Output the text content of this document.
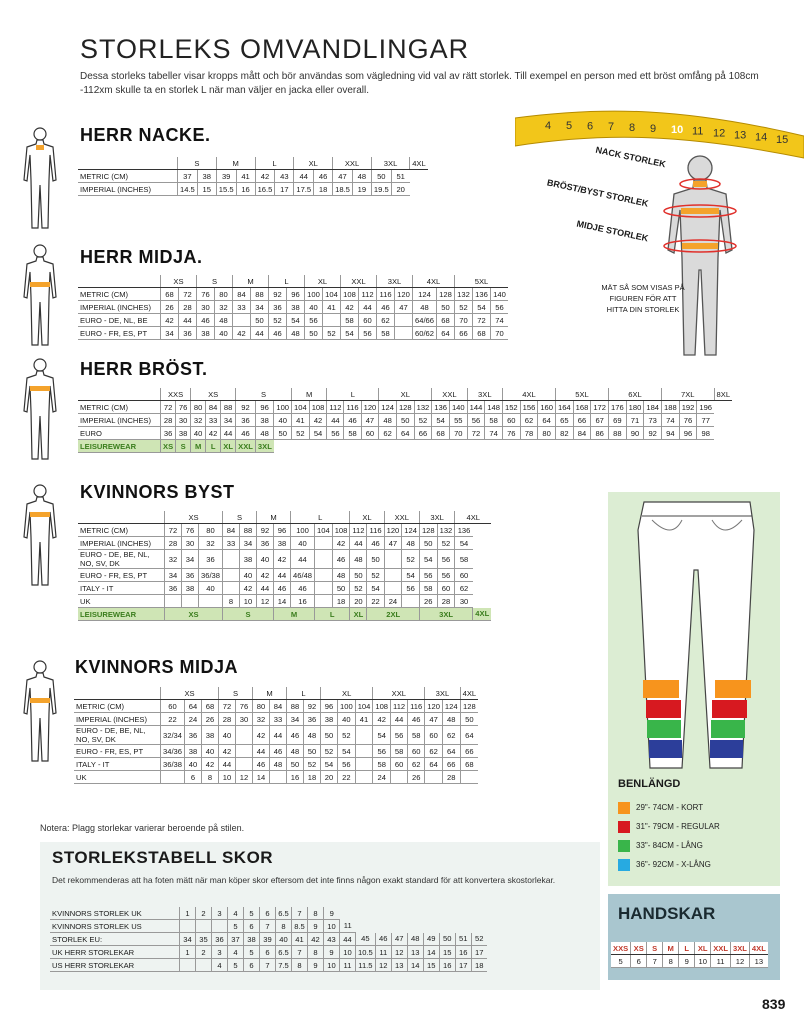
STORLEKS OMVANDLINGAR
Dessa storleks tabeller visar kropps mått och bör användas som vägledning vid val av rätt storlek. Till exempel en person med ett bröst omfång på 108cm -112xm skulle ta en storlek L när man väljer en jacka eller overall.
4 5 6 7 8 9 10 11 12 13 14 15
NACK STORLEK
BRÖST/BYST STORLEK
MIDJE STORLEK
MÄT SÅ SOM VISAS PÅ FIGUREN FÖR ATT HITTA DIN STORLEK
HERR NACKE.
HERR MIDJA.
HERR BRÖST.
KVINNORS BYST
KVINNORS MIDJA
	S		M		L		XL		XXL		3XL		4XL
METRIC (CM)	37	38	39	41	42	43	44	46	47	48	50	51	
IMPERIAL (INCHES)	14.5	15	15.5	16	16.5	17	17.5	18	18.5	19	19.5	20	
	XS		S		M		L		XL		XXL		3XL		4XL		5XL		
METRIC (CM)	68	72	76	80	84	88	92	96	100	104	108	112	116	120	124	128	132	136	140
IMPERIAL (INCHES)	26	28	30	32	33	34	36	38	40	41	42	44	46	47	48	50	52	54	56
EURO - DE, NL, BE	42	44	46	48		50	52	54	56		58	60	62		64/66	68	70	72	74
EURO - FR, ES, PT	34	36	38	40	42	44	46	48	50	52	54	56	58		60/62	64	66	68	70
	XXS		XS			S			M		L			XL			XXL		3XL		4XL			5XL			6XL			7XL			8XL
METRIC (CM)	72	76	80	84	88	92	96	100	104	108	112	116	120	124	128	132	136	140	144	148	152	156	160	164	168	172	176	180	184	188	192	196	
IMPERIAL (INCHES)	28	30	32	33	34	36	38	40	41	42	44	46	47	48	50	52	54	55	56	58	60	62	64	65	66	67	69	71	73	74	76	77	
EURO	36	38	40	42	44	46	48	50	52	54	56	58	60	62	64	66	68	70	72	74	76	78	80	82	84	86	88	90	92	94	96	98	
LEISUREWEAR	XS	S	M	L	XL	XXL	3XL																										
	XS			S		M		L			XL		XXL		3XL		4XL	
METRIC (CM)	72	76	80	84	88	92	96	100	104	108	112	116	120	124	128	132	136	
IMPERIAL (INCHES)	28	30	32	33	34	36	38	40		42	44	46	47	48	50	52	54	
EURO - DE, BE, NL, NO, SV, DK	32	34	36		38	40	42	44		46	48	50		52	54	56	58	
EURO - FR, ES, PT	34	36	36/38		40	42	44	46/48		48	50	52		54	56	56	60	
ITALY - IT	36	38	40		42	44	46	46		50	52	54		56	58	60	62	
UK				8	10	12	14	16		18	20	22	24		26	28	30	
LEISUREWEAR	XS			S			M		L		XL	2XL			3XL			4XL
	XS			S		M		L		XL			XXL			3XL		4XL
METRIC (CM)	60	64	68	72	76	80	84	88	92	96	100	104	108	112	116	120	124	128
IMPERIAL (INCHES)	22	24	26	28	30	32	33	34	36	38	40	41	42	44	46	47	48	50
EURO - DE, BE, NL, NO, SV, DK	32/34	36	38	40		42	44	46	48	50	52		54	56	58	60	62	64
EURO - FR, ES, PT	34/36	38	40	42		44	46	48	50	52	54		56	58	60	62	64	66
ITALY - IT	36/38	40	42	44		46	48	50	52	54	56		58	60	62	64	66	68
UK		6	8	10	12	14		16	18	20	22		24		26		28	
Notera: Plagg storlekar varierar beroende på stilen.
STORLEKSTABELL SKOR
Det rekommenderas att ha foten mätt när man köper skor eftersom det inte finns någon exakt standard för att konvertera skostorlekar.
KVINNORS STORLEK UK	1	2	3	4	5	6	6.5	7	8	9									
KVINNORS STORLEK US				5	6	7	8	8.5	9	10	11								
STORLEK EU:	34	35	36	37	38	39	40	41	42	43	44	45	46	47	48	49	50	51	52
UK HERR STORLEKAR	1	2	3	4	5	6	6.5	7	8	9	10	10.5	11	12	13	14	15	16	17
US HERR STORLEKAR			4	5	6	7	7.5	8	9	10	11	11.5	12	13	14	15	16	17	18
BENLÄNGD
29"- 74CM - KORT
31"- 79CM - REGULAR
33"- 84CM - LÅNG
36"- 92CM - X-LÅNG
HANDSKAR
XXS	XS	S	M	L	XL	XXL	3XL	4XL
5	6	7	8	9	10	11	12	13
839
